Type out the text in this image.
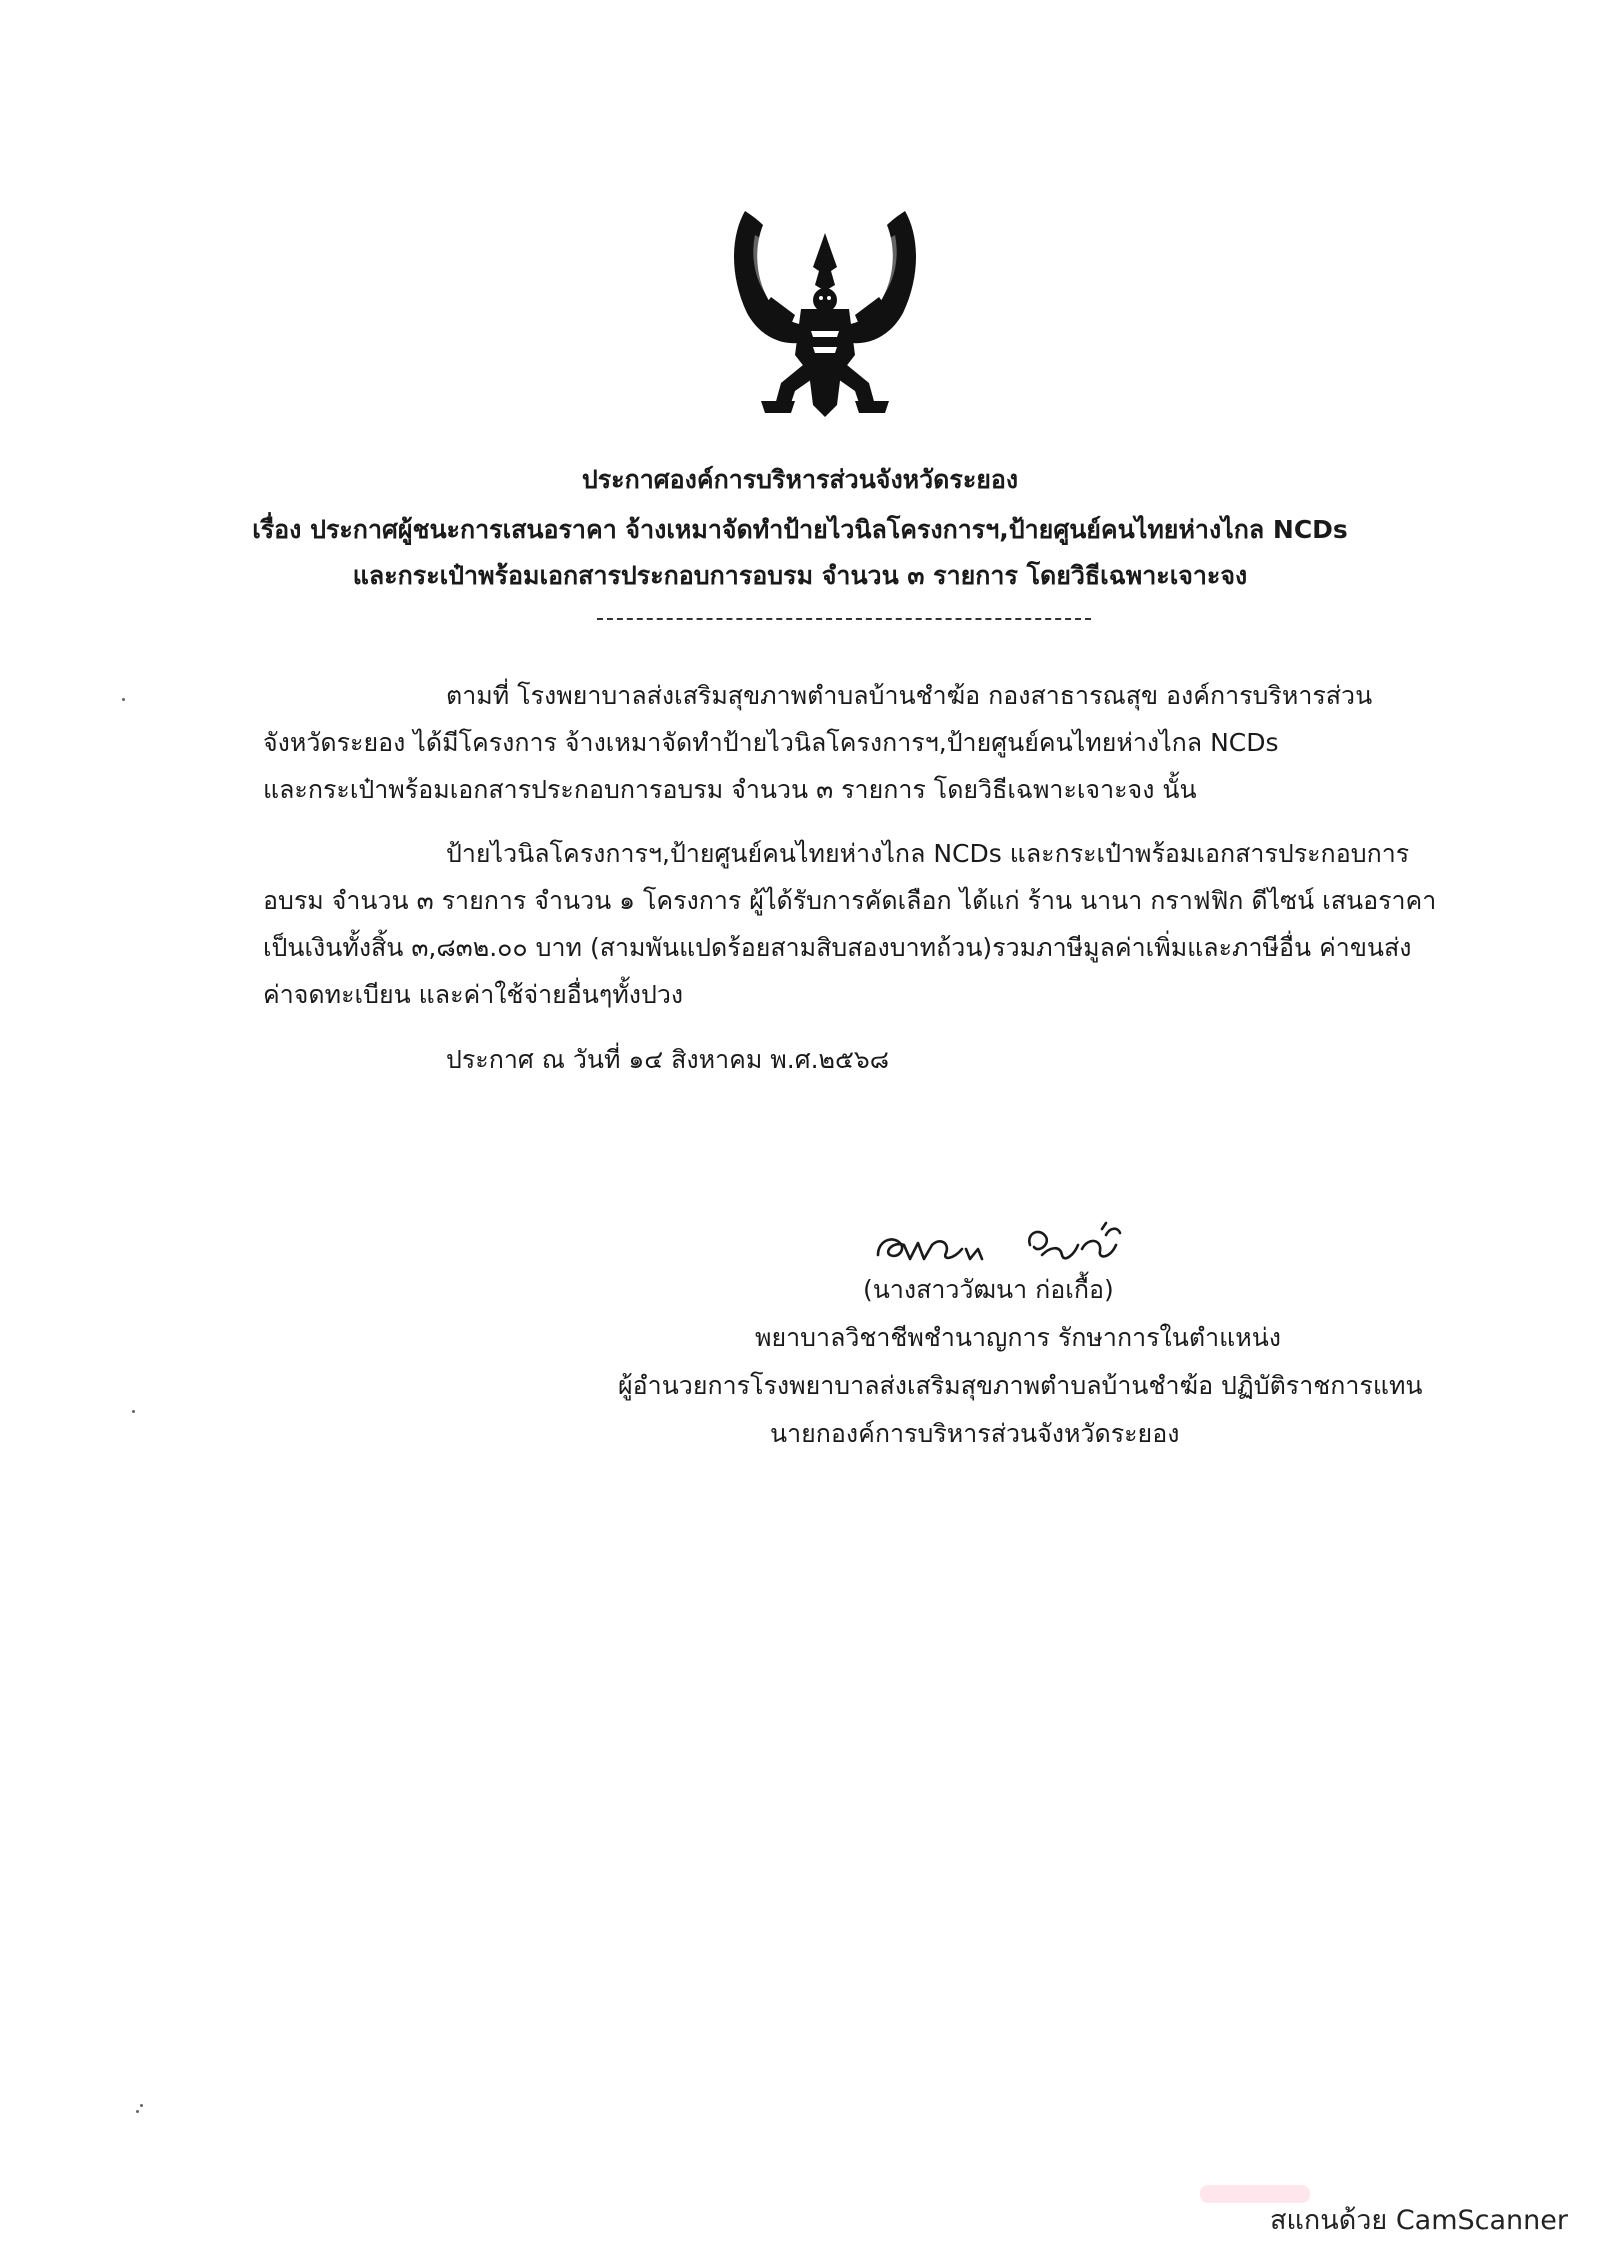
ประกาศองค์การบริหารส่วนจังหวัดระยอง
เรื่อง ประกาศผู้ชนะการเสนอราคา จ้างเหมาจัดทำป้ายไวนิลโครงการฯ,ป้ายศูนย์คนไทยห่างไกล NCDs
และกระเป๋าพร้อมเอกสารประกอบการอบรม จำนวน ๓ รายการ โดยวิธีเฉพาะเจาะจง
ตามที่ โรงพยาบาลส่งเสริมสุขภาพตำบลบ้านชำฆ้อ กองสาธารณสุข องค์การบริหารส่วน
จังหวัดระยอง ได้มีโครงการ จ้างเหมาจัดทำป้ายไวนิลโครงการฯ,ป้ายศูนย์คนไทยห่างไกล NCDs
และกระเป๋าพร้อมเอกสารประกอบการอบรม จำนวน ๓ รายการ โดยวิธีเฉพาะเจาะจง นั้น
ป้ายไวนิลโครงการฯ,ป้ายศูนย์คนไทยห่างไกล NCDs และกระเป๋าพร้อมเอกสารประกอบการ
อบรม จำนวน ๓ รายการ จำนวน ๑ โครงการ ผู้ได้รับการคัดเลือก ได้แก่ ร้าน นานา กราฟฟิก ดีไซน์ เสนอราคา
เป็นเงินทั้งสิ้น ๓,๘๓๒.๐๐ บาท (สามพันแปดร้อยสามสิบสองบาทถ้วน)รวมภาษีมูลค่าเพิ่มและภาษีอื่น ค่าขนส่ง
ค่าจดทะเบียน และค่าใช้จ่ายอื่นๆทั้งปวง
ประกาศ ณ วันที่ ๑๔ สิงหาคม พ.ศ.๒๕๖๘
(นางสาววัฒนา ก่อเกื้อ)
พยาบาลวิชาชีพชำนาญการ รักษาการในตำแหน่ง
ผู้อำนวยการโรงพยาบาลส่งเสริมสุขภาพตำบลบ้านชำฆ้อ ปฏิบัติราชการแทน
นายกองค์การบริหารส่วนจังหวัดระยอง
สแกนด้วย CamScanner
